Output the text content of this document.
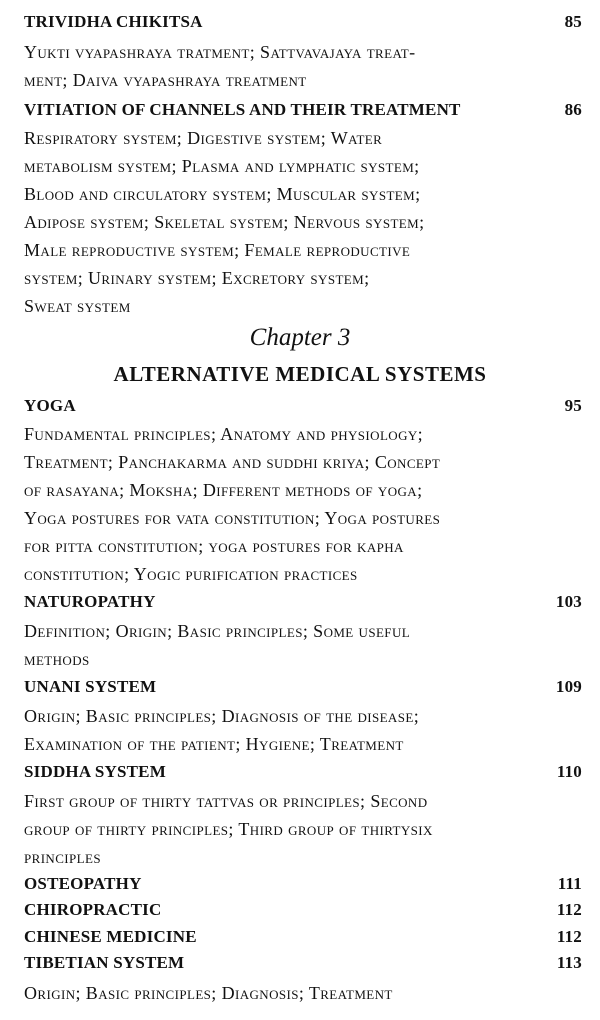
TRIVIDHA CHIKITSA	85
Yukti vyapashraya tratment; Sattvavajaya treat-
ment; Daiva vyapashraya treatment
VITIATION OF CHANNELS AND THEIR TREATMENT	86
Respiratory system; Digestive system; Water
metabolism system; Plasma and lymphatic system;
Blood and circulatory system; Muscular system;
Adipose system; Skeletal system; Nervous system;
Male reproductive system; Female reproductive
system; Urinary system; Excretory system;
Sweat system
Chapter 3
ALTERNATIVE MEDICAL SYSTEMS
YOGA	95
Fundamental principles; Anatomy and physiology;
Treatment; Panchakarma and suddhi kriya; Concept
of rasayana; Moksha; Different methods of yoga;
Yoga postures for vata constitution; Yoga postures
for pitta constitution; yoga postures for kapha
constitution; Yogic purification practices
NATUROPATHY	103
Definition; Origin; Basic principles; Some useful
methods
UNANI SYSTEM	109
Origin; Basic principles; Diagnosis of the disease;
Examination of the patient; Hygiene; Treatment
SIDDHA SYSTEM	110
First group of thirty tattvas or principles; Second
group of thirty principles; Third group of thirtysix
principles
OSTEOPATHY	111
CHIROPRACTIC	112
CHINESE MEDICINE	112
TIBETIAN SYSTEM	113
Origin; Basic principles; Diagnosis; Treatment
